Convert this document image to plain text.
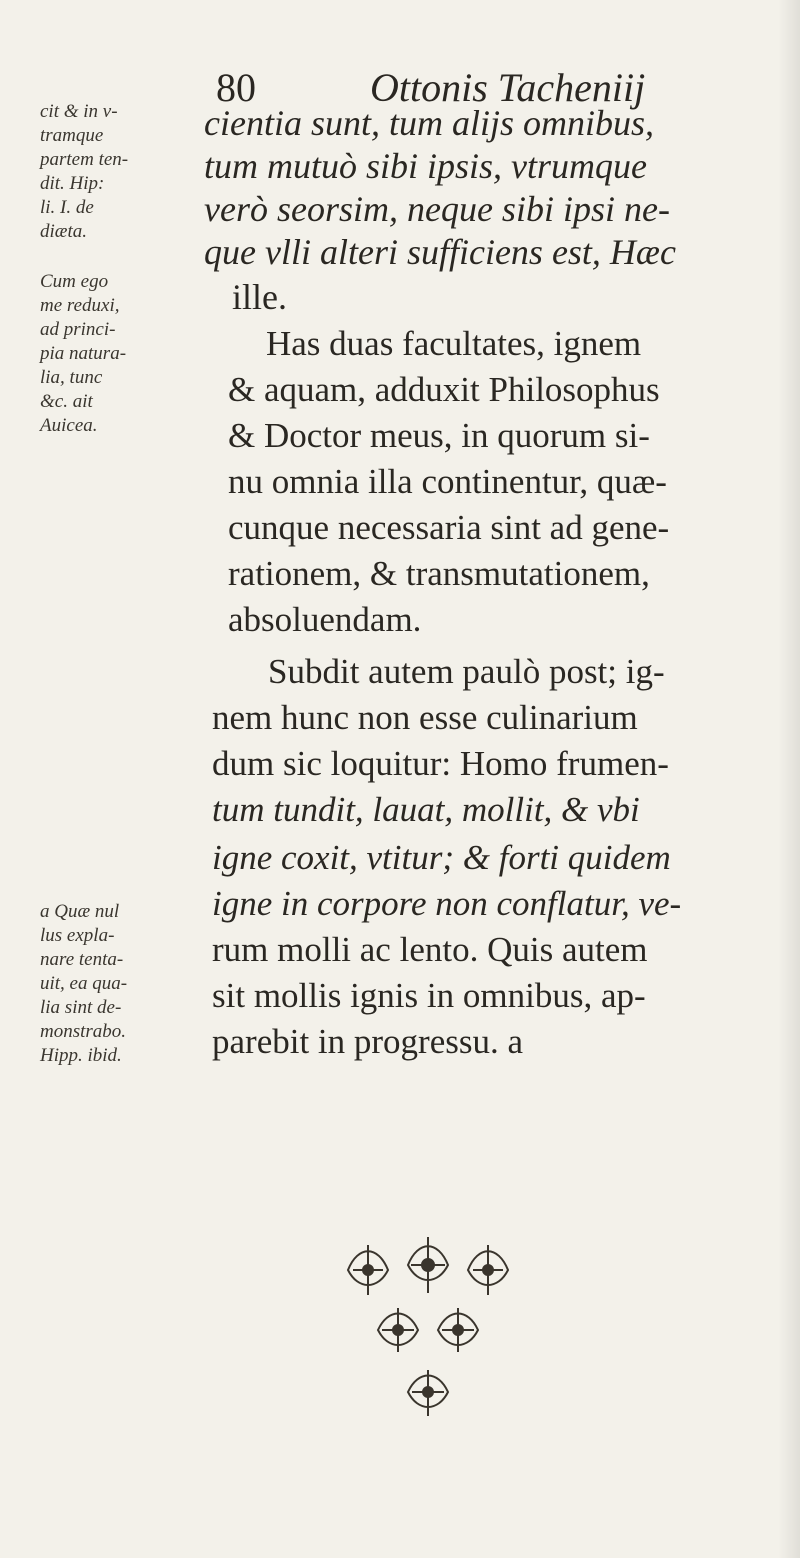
80	Ottonis Tacheniij
cit & in v-
tramque
partem ten-
dit. Hip:
li. I. de
diæta.
Cum ego
me reduxi,
ad princi-
pia natura-
lia, tunc
&c. ait
Auicea.
a Quæ nul
lus expla-
nare tenta-
uit, ea qua-
lia sint de-
monstrabo.
Hipp. ibid.
cientia sunt, tum alijs omnibus,
tum mutuò sibi ipsis, vtrumque
verò seorsim, neque sibi ipsi ne-
que vlli alteri sufficiens est, Hæc
ille.
Has duas facultates, ignem
& aquam, adduxit Philosophus
& Doctor meus, in quorum si-
nu omnia illa continentur, quæ-
cunque necessaria sint ad gene-
rationem, & transmutationem,
absoluendam.
Subdit autem paulò post; ig-
nem hunc non esse culinarium
dum sic loquitur: Homo frumen-
tum tundit, lauat, mollit, & vbi
igne coxit, vtitur; & forti quidem
igne in corpore non conflatur, ve-
rum molli ac lento. Quis autem
sit mollis ignis in omnibus, ap-
parebit in progressu. a
